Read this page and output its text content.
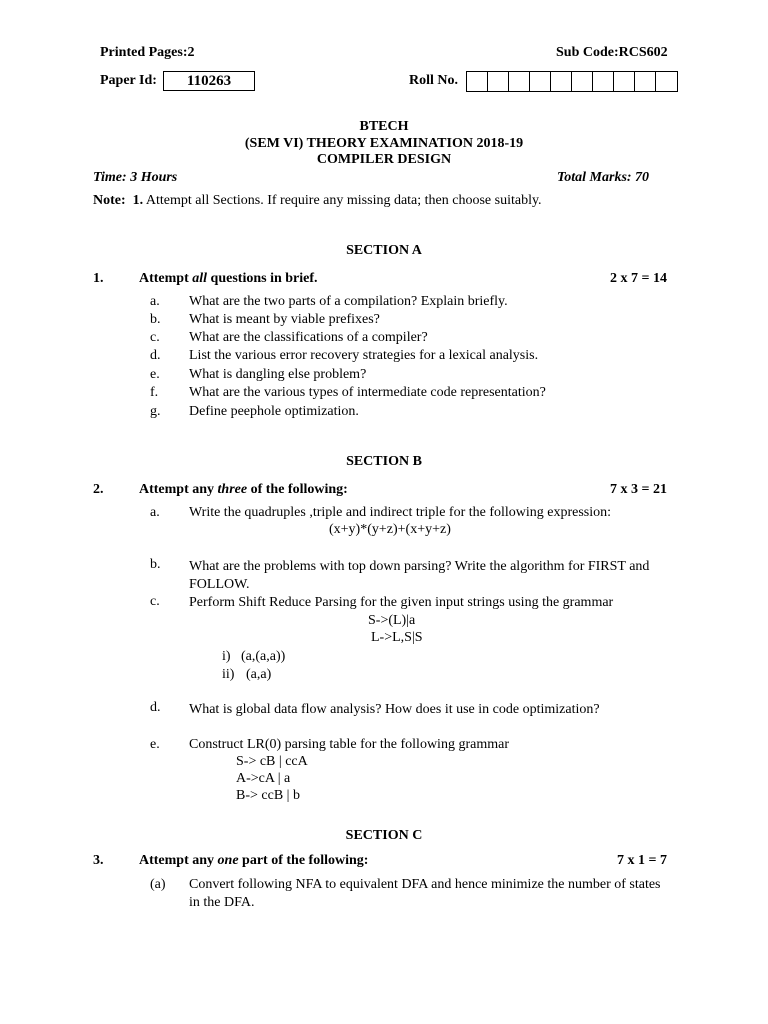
Printed Pages:2	Sub Code:RCS602
Paper Id:	110263	Roll No.
BTECH
(SEM VI) THEORY EXAMINATION 2018-19
COMPILER DESIGN
Time: 3 Hours	Total Marks: 70
Note: 1. Attempt all Sections. If require any missing data; then choose suitably.
SECTION A
1.	Attempt all questions in brief.	2 x 7 = 14
a. What are the two parts of a compilation? Explain briefly.
b. What is meant by viable prefixes?
c. What are the classifications of a compiler?
d. List the various error recovery strategies for a lexical analysis.
e. What is dangling else problem?
f. What are the various types of intermediate code representation?
g. Define peephole optimization.
SECTION B
2.	Attempt any three of the following:	7 x 3 = 21
a. Write the quadruples ,triple and indirect triple for the following expression:
(x+y)*(y+z)+(x+y+z)
b. What are the problems with top down parsing? Write the algorithm for FIRST and FOLLOW.
c. Perform Shift Reduce Parsing for the given input strings using the grammar
S->(L)|a
L->L,S|S
i) (a,(a,a))
ii) (a,a)
d. What is global data flow analysis? How does it use in code optimization?
e. Construct LR(0) parsing table for the following grammar
S-> cB | ccA
A->cA | a
B-> ccB | b
SECTION C
3.	Attempt any one part of the following:	7 x 1 = 7
(a) Convert following NFA to equivalent DFA and hence minimize the number of states in the DFA.
